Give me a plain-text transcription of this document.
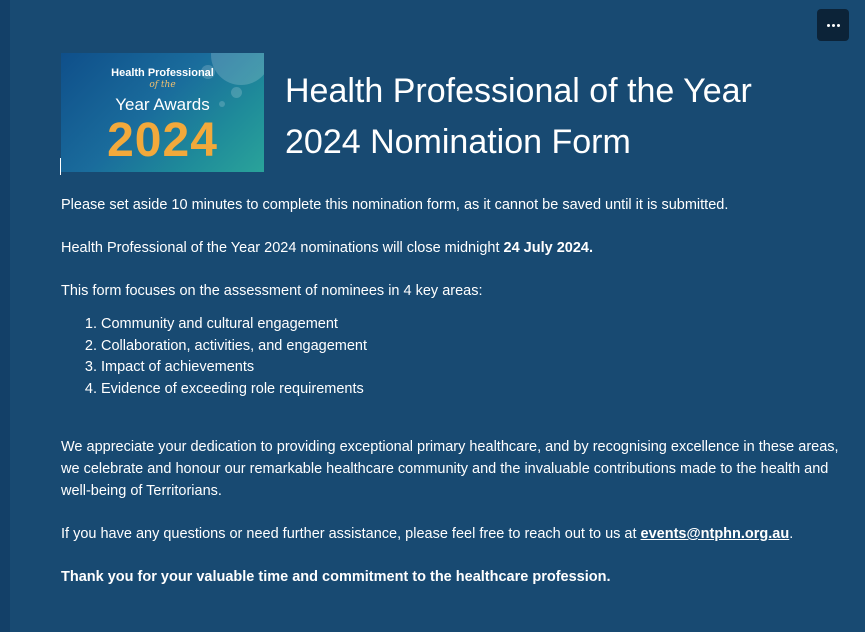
Health Professional
of the
Year Awards
2024
Health Professional of the Year 2024 Nomination Form

Please set aside 10 minutes to complete this nomination form, as it cannot be saved until it is submitted.

Health Professional of the Year 2024 nominations will close midnight 24 July 2024.

This form focuses on the assessment of nominees in 4 key areas:

1. Community and cultural engagement
2. Collaboration, activities, and engagement
3. Impact of achievements
4. Evidence of exceeding role requirements

We appreciate your dedication to providing exceptional primary healthcare, and by recognising excellence in these areas, we celebrate and honour our remarkable healthcare community and the invaluable contributions made to the health and well-being of Territorians.

If you have any questions or need further assistance, please feel free to reach out to us at events@ntphn.org.au.

Thank you for your valuable time and commitment to the healthcare profession.
